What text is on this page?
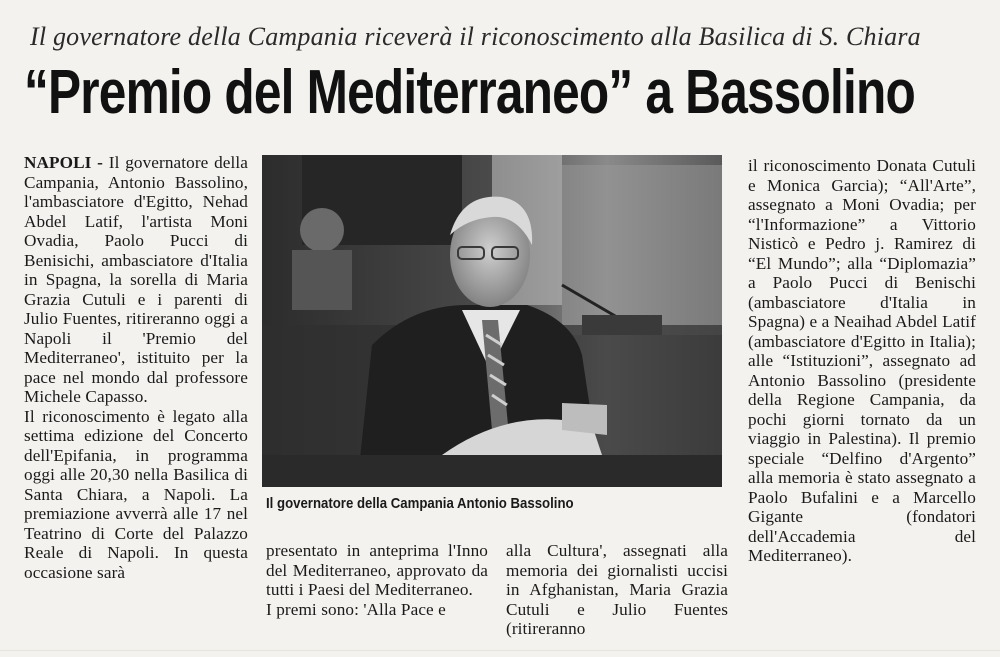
Il governatore della Campania riceverà il riconoscimento alla Basilica di S. Chiara
“Premio del Mediterraneo” a Bassolino

NAPOLI - Il governatore della Campania, Antonio Bassolino, l'ambasciatore d'Egitto, Nehad Abdel Latif, l'artista Moni Ovadia, Paolo Pucci di Benisichi, ambasciatore d'Italia in Spagna, la sorella di Maria Grazia Cutuli e i parenti di Julio Fuentes, ritireranno oggi a Napoli il 'Premio del Mediterraneo', istituito per la pace nel mondo dal professore Michele Capasso.

Il riconoscimento è legato alla settima edizione del Concerto dell'Epifania, in programma oggi alle 20,30 nella Basilica di Santa Chiara, a Napoli. La premiazione avverrà alle 17 nel Teatrino di Corte del Palazzo Reale di Napoli. In questa occasione sarà

Il governatore della Campania Antonio Bassolino

presentato in anteprima l'Inno del Mediterraneo, approvato da tutti i Paesi del Mediterraneo.

I premi sono: 'Alla Pace e

alla Cultura', assegnati alla memoria dei giornalisti uccisi in Afghanistan, Maria Grazia Cutuli e Julio Fuentes (ritireranno

il riconoscimento Donata Cutuli e Monica Garcia); “All'Arte”, assegnato a Moni Ovadia; per “l'Informazione” a Vittorio Nisticò e Pedro j. Ramirez di “El Mundo”; alla “Diplomazia” a Paolo Pucci di Benischi (ambasciatore d'Italia in Spagna) e a Neaihad Abdel Latif (ambasciatore d'Egitto in Italia); alle “Istituzioni”, assegnato ad Antonio Bassolino (presidente della Regione Campania, da pochi giorni tornato da un viaggio in Palestina). Il premio speciale “Delfino d'Argento” alla memoria è stato assegnato a Paolo Bufalini e a Marcello Gigante (fondatori dell'Accademia del Mediterraneo).
